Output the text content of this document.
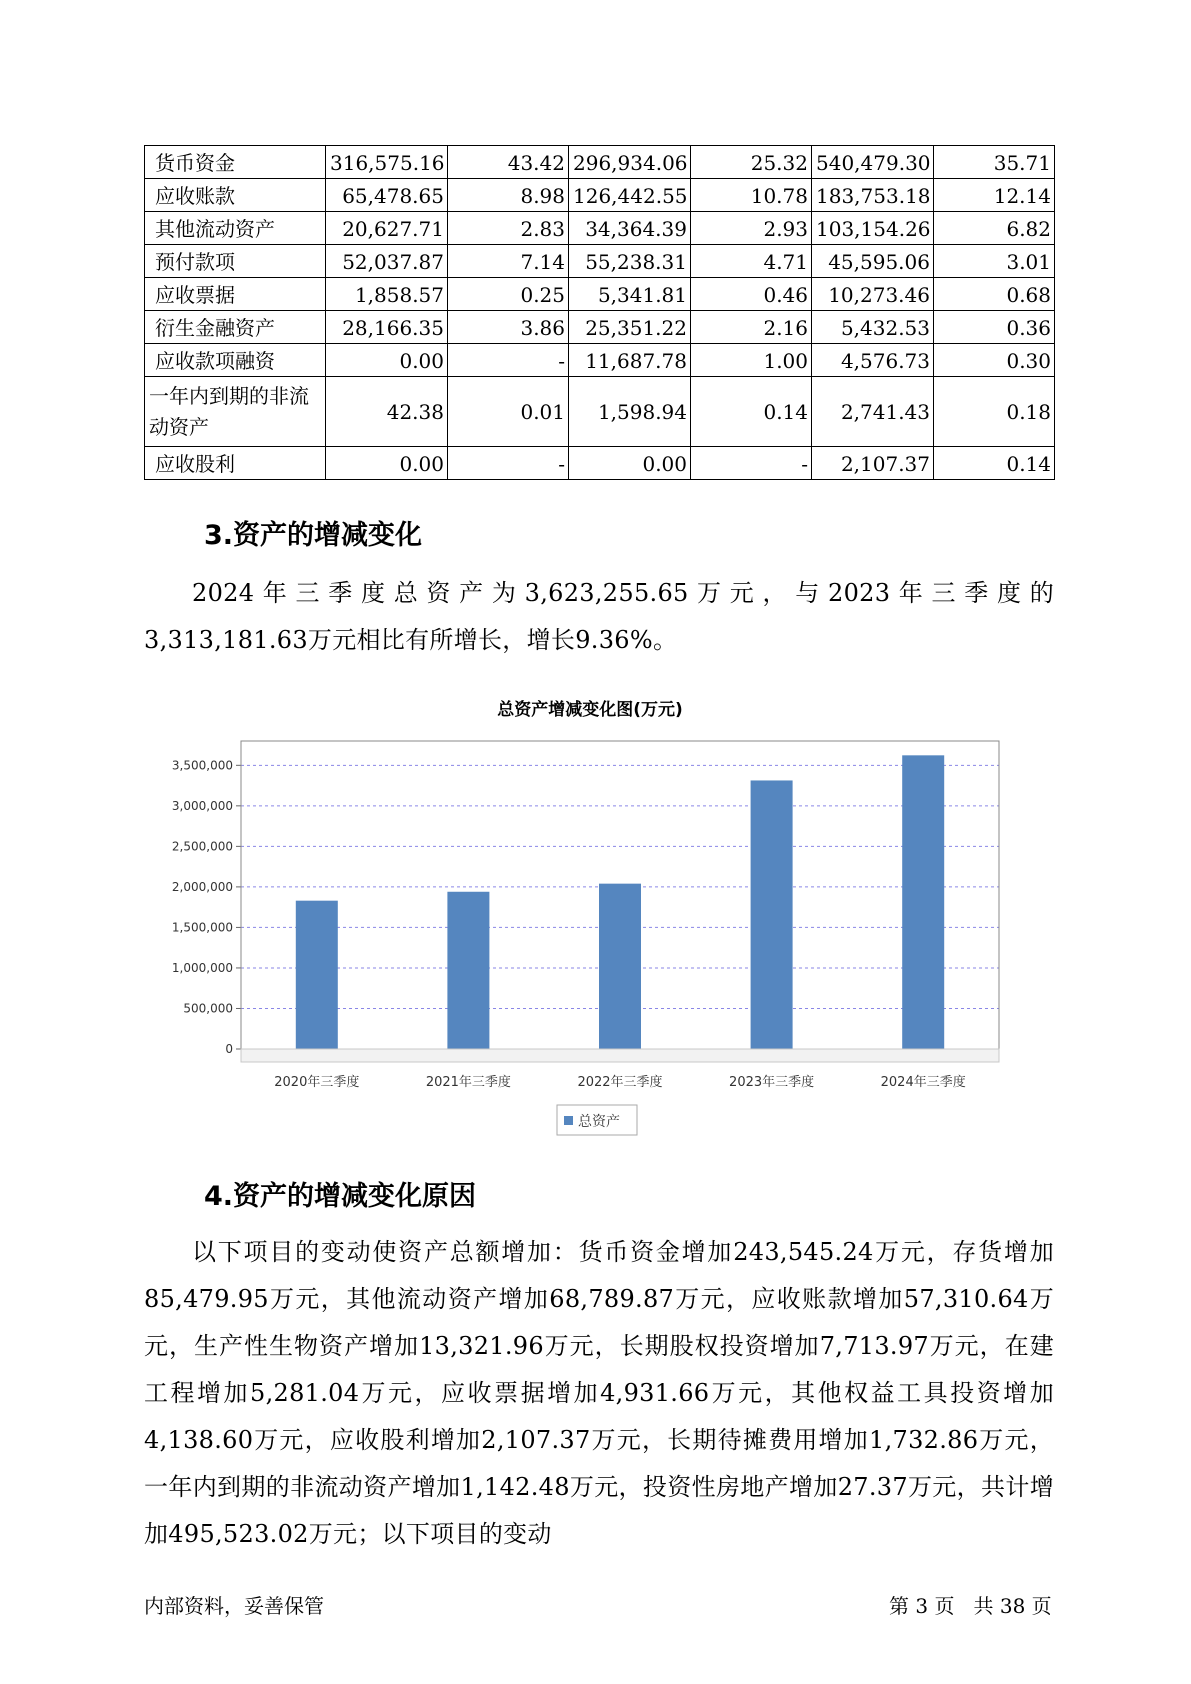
货币资金	316,575.16	43.42	296,934.06	25.32	540,479.30	35.71
应收账款	65,478.65	8.98	126,442.55	10.78	183,753.18	12.14
其他流动资产	20,627.71	2.83	34,364.39	2.93	103,154.26	6.82
预付款项	52,037.87	7.14	55,238.31	4.71	45,595.06	3.01
应收票据	1,858.57	0.25	5,341.81	0.46	10,273.46	0.68
衍生金融资产	28,166.35	3.86	25,351.22	2.16	5,432.53	0.36
应收款项融资	0.00	-	11,687.78	1.00	4,576.73	0.30
一年内到期的非流动资产	42.38	0.01	1,598.94	0.14	2,741.43	0.18
应收股利	0.00	-	0.00	-	2,107.37	0.14
3.资产的增减变化

2024年三季度总资产为3,623,255.65万元，与2023年三季度的3,313,181.63万元相比有所增长，增长9.36%。

总资产增减变化图(万元)
0
500,000
1,000,000
1,500,000
2,000,000
2,500,000
3,000,000
3,500,000
2020年三季度	2021年三季度	2022年三季度	2023年三季度	2024年三季度
总资产
4.资产的增减变化原因

以下项目的变动使资产总额增加：货币资金增加243,545.24万元，存货增加85,479.95万元，其他流动资产增加68,789.87万元，应收账款增加57,310.64万元，生产性生物资产增加13,321.96万元，长期股权投资增加7,713.97万元，在建工程增加5,281.04万元，应收票据增加4,931.66万元，其他权益工具投资增加4,138.60万元，应收股利增加2,107.37万元，长期待摊费用增加1,732.86万元，一年内到期的非流动资产增加1,142.48万元，投资性房地产增加27.37万元，共计增加495,523.02万元；以下项目的变动

内部资料，妥善保管	第 3 页   共 38 页
